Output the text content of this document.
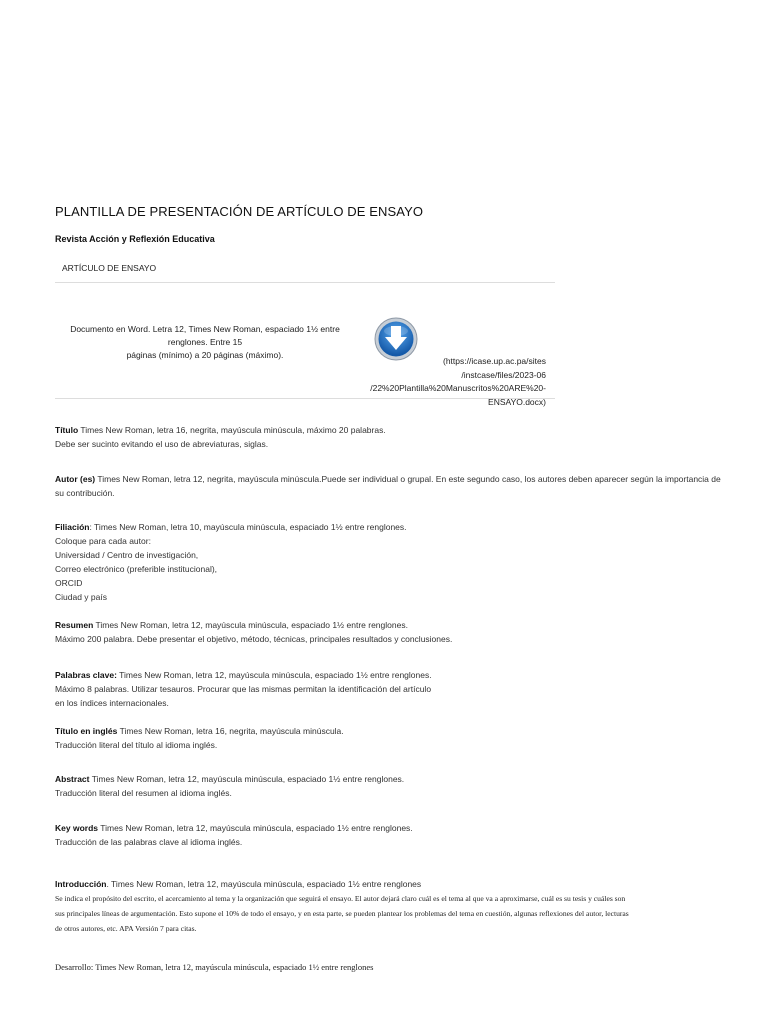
PLANTILLA DE PRESENTACIÓN DE ARTÍCULO DE ENSAYO
Revista Acción y Reflexión Educativa
ARTÍCULO DE ENSAYO
Documento en Word. Letra 12, Times New Roman, espaciado 1½ entre
renglones. Entre 15
páginas (mínimo) a 20 páginas (máximo).
(https://icase.up.ac.pa/sites
/instcase/files/2023-06
/22%20Plantilla%20Manuscritos%20ARE%20-
ENSAYO.docx)
Título Times New Roman, letra 16, negrita, mayúscula minúscula, máximo 20 palabras.
Debe ser sucinto evitando el uso de abreviaturas, siglas.
Autor (es) Times New Roman, letra 12, negrita, mayúscula minúscula.Puede ser individual o grupal. En este segundo caso, los autores deben aparecer según la importancia de
su contribución.
Filiación: Times New Roman, letra 10, mayúscula minúscula, espaciado 1½ entre renglones.
Coloque para cada autor:
Universidad / Centro de investigación,
Correo electrónico (preferible institucional),
ORCID
Ciudad y país
Resumen Times New Roman, letra 12, mayúscula minúscula, espaciado 1½ entre renglones.
Máximo 200 palabra. Debe presentar el objetivo, método, técnicas, principales resultados y conclusiones.
Palabras clave: Times New Roman, letra 12, mayúscula minúscula, espaciado 1½ entre renglones.
Máximo 8 palabras. Utilizar tesauros. Procurar que las mismas permitan la identificación del artículo
en los índices internacionales.
Título en inglés Times New Roman, letra 16, negrita, mayúscula minúscula.
Traducción literal del título al idioma inglés.
Abstract Times New Roman, letra 12, mayúscula minúscula, espaciado 1½ entre renglones.
Traducción literal del resumen al idioma inglés.
Key words Times New Roman, letra 12, mayúscula minúscula, espaciado 1½ entre renglones.
Traducción de las palabras clave al idioma inglés.
Introducción. Times New Roman, letra 12, mayúscula minúscula, espaciado 1½ entre renglones

Se indica el propósito del escrito, el acercamiento al tema y la organización que seguirá el ensayo. El autor dejará claro cuál es el tema al que va a aproximarse, cuál es su tesis y cuáles son

sus principales líneas de argumentación. Esto supone el 10% de todo el ensayo, y en esta parte, se pueden plantear los problemas del tema en cuestión, algunas reflexiones del autor, lecturas

de otros autores, etc. APA Versión 7 para citas.

Desarrollo: Times New Roman, letra 12, mayúscula minúscula, espaciado 1½ entre renglones
